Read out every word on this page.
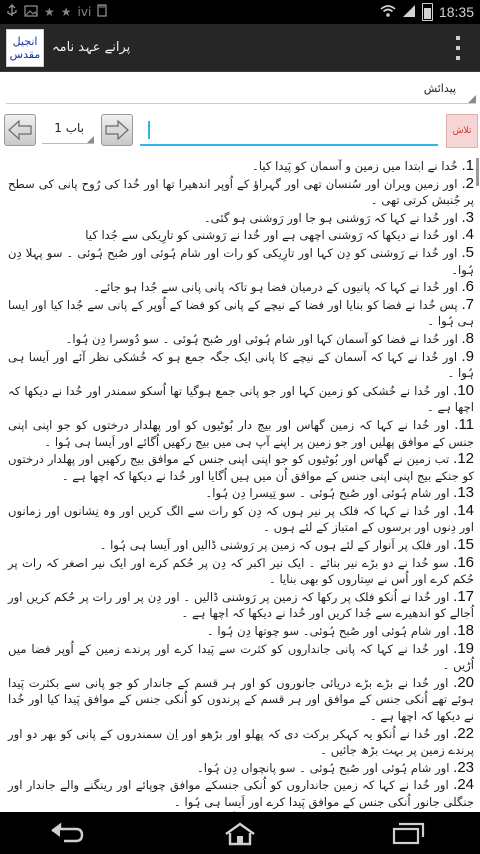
★ ★ ivi	18:35
انجیل
مقدس پرانے عہد نامہ
پیدائش
باب 1	تلاش

1. خُدا نے ابتدا میں زمین و آسمان کو پَیدا کیا۔

2. اور زمین ویران اور سُنسان تھی اور گہراؤ کے اُوپر اندھیرا تھا اور خُدا کی رُوح پانی کی سطح پر جُنبش کرتی تھی ۔

3. اور خُدا نے کہا کہ رَوشنی ہو جا اور رَوشنی ہو گئی۔

4. اور خُدا نے دیکھا کہ رَوشنی اچھی ہے اور خُدا نے رَوشنی کو تارِیکی سے جُدا کیا

5. اور خُدا نے رَوشنی کو دِن کہا اور تارِیکی کو رات اور شام ہُوئی اور صُبح ہُوئی ۔ سو پہلا دِن ہُوا۔

6. اور خُدا نے کہا کہ پانیوں کے درمیان فضا ہو تاکہ پانی پانی سے جُدا ہو جائے۔

7. پس خُدا نے فضا کو بنایا اور فضا کے نیچے کے پانی کو فضا کے اُوپر کے پانی سے جُدا کیا اور ایسا ہی ہُوا ۔

8. اور خُدا نے فضا کو آسمان کہا اور شام ہُوئی اور صُبح ہُوئی ۔ سو دُوسرا دِن ہُوا۔

9. اور خُدا نے کہا کہ آسمان کے نیچے کا پانی ایک جگہ جمع ہو کہ خُشکی نظر آئے اور اَیسا ہی ہُوا ۔

10. اور خُدا نے خُشکی کو زمین کہا اور جو پانی جمع ہوگیا تھا اُسکو سمندر اور خُدا نے دیکھا کہ اچھا ہے ۔

11. اور خُدا نے کہا کہ زمین گھاس اور بیج دار بُوٹیوں کو اور پھلدار درختوں کو جو اپنی اپنی جنس کے موافق پھلیں اور جو زمین پر اپنے آپ ہی میں بیج رکھیں اُگائے اور اَیسا ہی ہُوا ۔

12. تب زمین نے گھاس اور بُوٹیوں کو جو اپنی اپنی جنس کے موافق بیج رکھیں اور پھلدار درختوں کو جنکے بیج اپنی اپنی جنس کے موافق اُن میں ہیں اُگایا اور خُدا نے دیکھا کہ اچھا ہے ۔

13. اور شام ہُوئی اور صُبح ہُوئی ۔ سو تِیسرا دِن ہُوا۔

14. اور خُدا نے کہا کہ فلک پر نیر ہوں کہ دِن کو رات سے الگ کریں اور وہ نِشانوں اور زمانوں اور دِنوں اور برسوں کے امتیاز کے لئے ہوں ۔

15. اور فلک پر اَنوار کے لئے ہوں کہ زمین پر رَوشنی ڈالیں اور اَیسا ہی ہُوا ۔

16. سو خُدا نے دو بڑے نیر بنائے ۔ ایک نیر اکبر کہ دِن پر حُکم کرے اور ایک نیر اصغر کہ رات پر حُکم کرے اور اُس نے سِتاروں کو بھی بنایا ۔

17. اور خُدا نے اُنکو فلک پر رکھا کہ زمین پر رَوشنی ڈالیں ۔ اور دِن پر اور رات پر حُکم کریں اور اُجالے کو اندھیرے سے جُدا کریں اور خُدا نے دیکھا کہ اچھا ہے ۔

18. اور شام ہُوئی اور صُبح ہُوئی۔ سو چوتھا دِن ہُوا ۔

19. اور خُدا نے کہا کہ پانی جانداروں کو کثرت سے پَیدا کرے اور پرندے زمین کے اُوپر فضا میں اُڑیں ۔

20. اور خُدا نے بڑے بڑے دریائی جانوروں کو اور ہر قسم کے جاندار کو جو پانی سے بکثرت پَیدا ہوئے تھے اُنکی جنس کے موافق اور ہر قسم کے پرندوں کو اُنکی جنس کے موافق پَیدا کیا اور خُدا نے دیکھا کہ اچھا ہے ۔

22. اور خُدا نے اُنکو یہ کہکر برکت دی کہ پھلو اور بڑھو اور اِن سمندروں کے پانی کو بھر دو اور پرندے زمین پر بہت بڑھ جائیں ۔

23. اور شام ہُوئی اور صُبح ہُوئی ۔ سو پانچواں دِن ہُوا۔

24. اور خُدا نے کہا کہ زمین جانداروں کو اُنکی جنسکے موافق چوپائے اور رینگنے والے جاندار اور جنگلی جانور اُنکی جنس کے موافق پَیدا کرے اور اَیسا ہی ہُوا ۔
